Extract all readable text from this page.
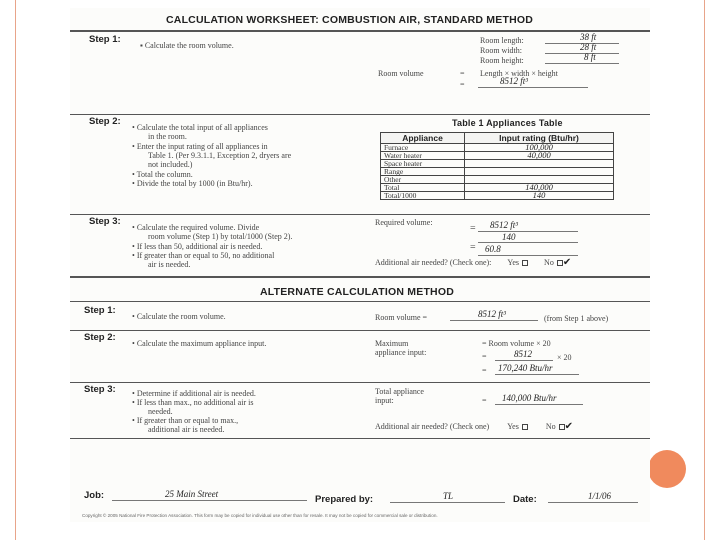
CALCULATION WORKSHEET: COMBUSTION AIR, STANDARD METHOD
Step 1:
▪ Calculate the room volume.
Room length:	38 ft
Room width:	28 ft
Room height:	8 ft
Room volume	= Length × width × height
=	8512 ft³
Step 2:
• Calculate the total input of all appliances
in the room.
• Enter the input rating of all appliances in
Table 1. (Per 9.3.1.1, Exception 2, dryers are
not included.)
• Total the column.
• Divide the total by 1000 (in Btu/hr).
Table 1 Appliances Table
Appliance	Input rating (Btu/hr)
Furnace	100,000
Water heater	40,000
Space heater	
Range	
Other	
Total	140,000
Total/1000	140
Step 3:
• Calculate the required volume. Divide
room volume (Step 1) by total/1000 (Step 2).
• If less than 50, additional air is needed.
• If greater than or equal to 50, no additional
air is needed.
Required volume:
= 8512 ft³
140
= 60.8
Additional air needed? (Check one): Yes	No ✔
ALTERNATE CALCULATION METHOD
Step 1:
• Calculate the room volume.	Room volume =	8512 ft³	(from Step 1 above)
Step 2:
• Calculate the maximum appliance input.	Maximum
appliance input:
= Room volume × 20
=	8512	× 20
= 170,240 Btu/hr
Step 3: • Determine if additional air is needed.
• If less than max., no additional air is
needed.
• If greater than or equal to max.,
additional air is needed.
Total appliance
input:	= 140,000 Btu/hr
Additional air needed? (Check one) Yes	No ✔
Job:	25 Main Street	Prepared by:	TL	Date:	1/1/06
Copyright © 2005 National Fire Protection Association. This form may be copied for individual use other than for resale. It may not be copied for commercial sale or distribution.
